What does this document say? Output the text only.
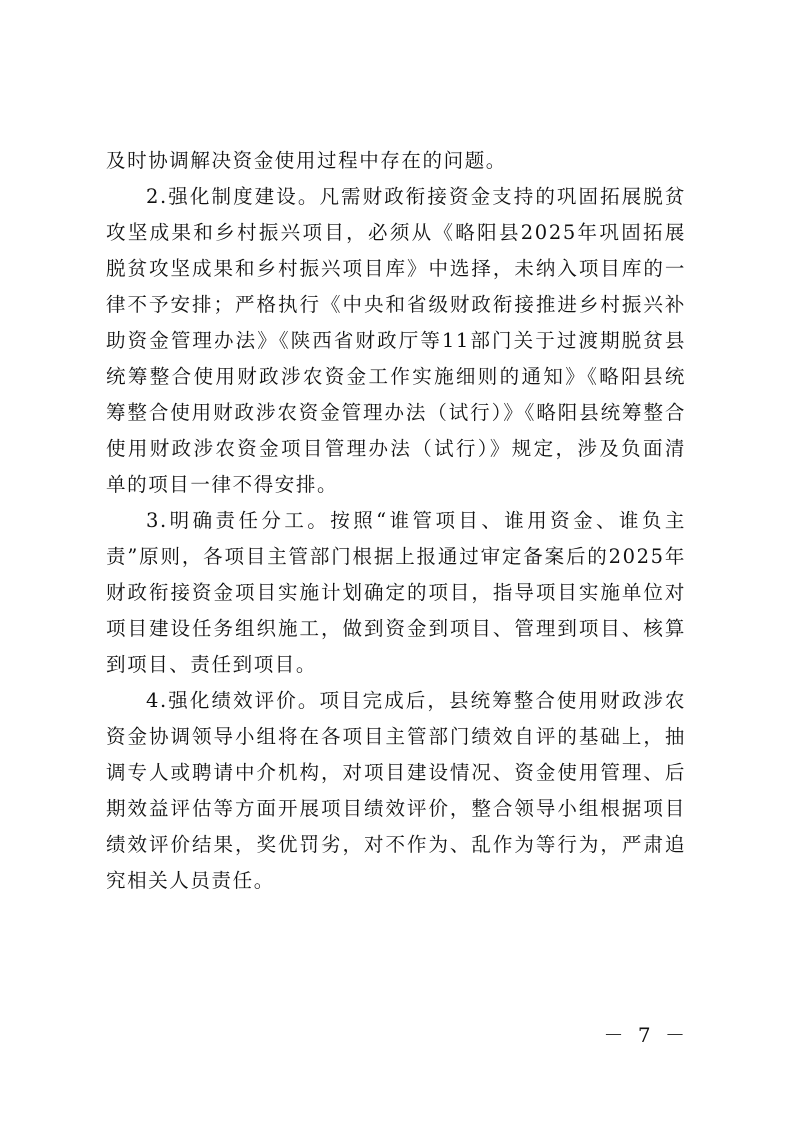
及时协调解决资金使用过程中存在的问题。

2.强化制度建设。凡需财政衔接资金支持的巩固拓展脱贫攻坚成果和乡村振兴项目，必须从《略阳县2025年巩固拓展脱贫攻坚成果和乡村振兴项目库》中选择，未纳入项目库的一律不予安排；严格执行《中央和省级财政衔接推进乡村振兴补助资金管理办法》《陕西省财政厅等11部门关于过渡期脱贫县统筹整合使用财政涉农资金工作实施细则的通知》《略阳县统筹整合使用财政涉农资金管理办法（试行）》《略阳县统筹整合使用财政涉农资金项目管理办法（试行）》规定，涉及负面清单的项目一律不得安排。

3.明确责任分工。按照“谁管项目、谁用资金、谁负主责”原则，各项目主管部门根据上报通过审定备案后的2025年财政衔接资金项目实施计划确定的项目，指导项目实施单位对项目建设任务组织施工，做到资金到项目、管理到项目、核算到项目、责任到项目。

4.强化绩效评价。项目完成后，县统筹整合使用财政涉农资金协调领导小组将在各项目主管部门绩效自评的基础上，抽调专人或聘请中介机构，对项目建设情况、资金使用管理、后期效益评估等方面开展项目绩效评价，整合领导小组根据项目绩效评价结果，奖优罚劣，对不作为、乱作为等行为，严肃追究相关人员责任。

－ 7 －
